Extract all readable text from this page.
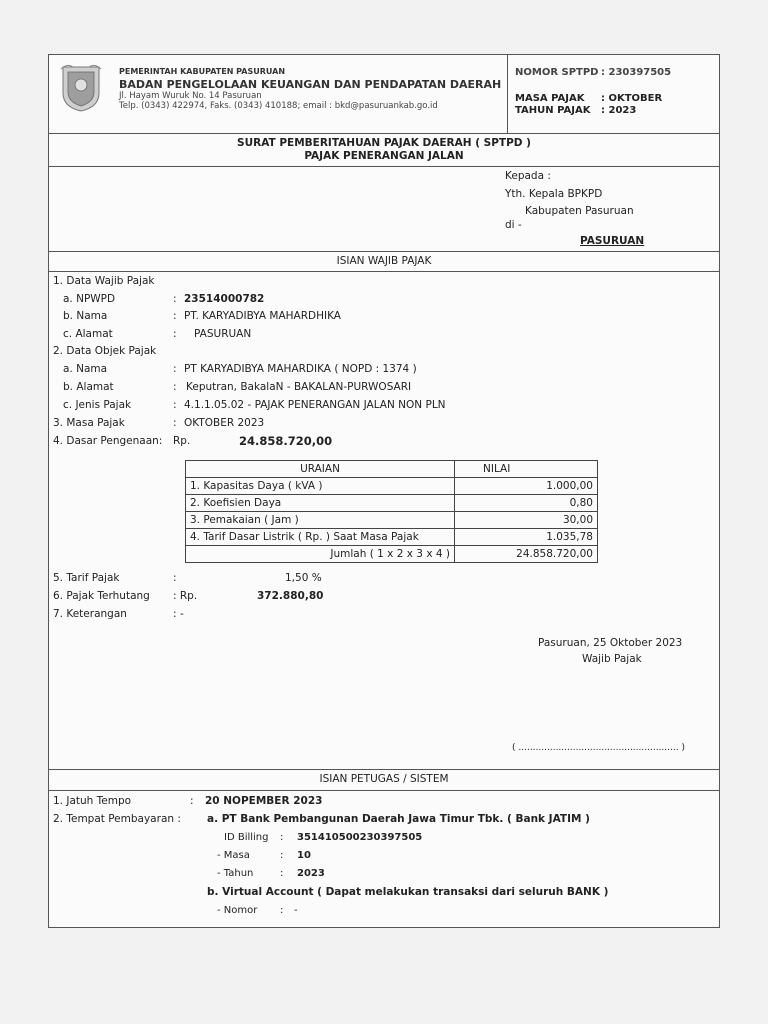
PEMERINTAH KABUPATEN PASURUAN
BADAN PENGELOLAAN KEUANGAN DAN PENDAPATAN DAERAH
Jl. Hayam Wuruk No. 14 Pasuruan
Telp. (0343) 422974, Faks. (0343) 410188; email : bkd@pasuruankab.go.id
NOMOR SPTPD : 230397505
MASA PAJAK : OKTOBER
TAHUN PAJAK : 2023
SURAT PEMBERITAHUAN PAJAK DAERAH ( SPTPD )
PAJAK PENERANGAN JALAN
Kepada :
Yth. Kepala BPKPD
Kabupaten Pasuruan
di -
PASURUAN
ISIAN WAJIB PAJAK
1. Data Wajib Pajak
a. NPWPD	: 23514000782
b. Nama	: PT. KARYADIBYA MAHARDHIKA
c. Alamat	: PASURUAN
2. Data Objek Pajak
a. Nama	: PT KARYADIBYA MAHARDIKA ( NOPD : 1374 )
b. Alamat	: Keputran, BakalaN - BAKALAN-PURWOSARI
c. Jenis Pajak	: 4.1.1.05.02 - PAJAK PENERANGAN JALAN NON PLN
3. Masa Pajak	: OKTOBER 2023
4. Dasar Pengenaan: Rp.	24.858.720,00
URAIAN	NILAI
1. Kapasitas Daya ( kVA )	1.000,00
2. Koefisien Daya	0,80
3. Pemakaian ( Jam )	30,00
4. Tarif Dasar Listrik ( Rp. ) Saat Masa Pajak	1.035,78
Jumlah ( 1 x 2 x 3 x 4 )	24.858.720,00
5. Tarif Pajak	:	1,50 %
6. Pajak Terhutang : Rp.	372.880,80
7. Keterangan	: -
Pasuruan, 25 Oktober 2023
Wajib Pajak
( ........................................................ )
ISIAN PETUGAS / SISTEM
1. Jatuh Tempo	: 20 NOPEMBER 2023
2. Tempat Pembayaran : a. PT Bank Pembangunan Daerah Jawa Timur Tbk. ( Bank JATIM )
ID Billing : 351410500230397505
- Masa	: 10
- Tahun	: 2023
b. Virtual Account ( Dapat melakukan transaksi dari seluruh BANK )
- Nomor : -
